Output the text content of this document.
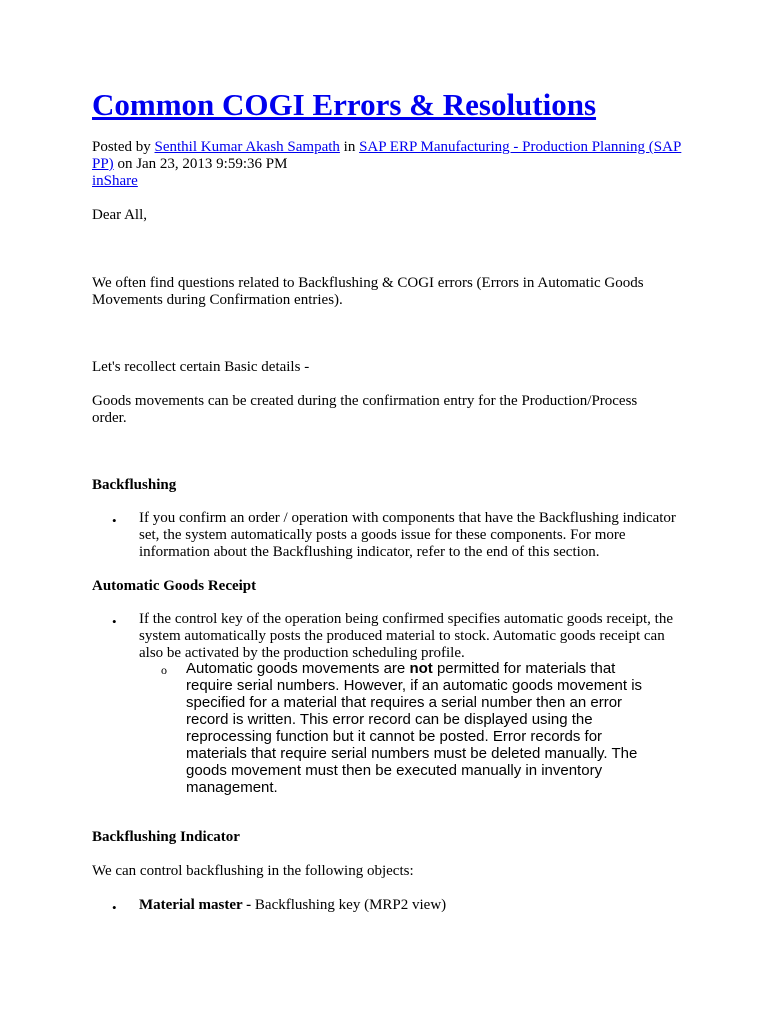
Common COGI Errors & Resolutions
Posted by Senthil Kumar Akash Sampath in SAP ERP Manufacturing - Production Planning (SAP PP) on Jan 23, 2013 9:59:36 PM
inShare

Dear All,

We often find questions related to Backflushing & COGI errors (Errors in Automatic Goods Movements during Confirmation entries).

Let's recollect certain Basic details -

Goods movements can be created during the confirmation entry for the Production/Process order.

Backflushing
• If you confirm an order / operation with components that have the Backflushing indicator set, the system automatically posts a goods issue for these components. For more information about the Backflushing indicator, refer to the end of this section.

Automatic Goods Receipt
• If the control key of the operation being confirmed specifies automatic goods receipt, the system automatically posts the produced material to stock. Automatic goods receipt can also be activated by the production scheduling profile.

o Automatic goods movements are not permitted for materials that require serial numbers. However, if an automatic goods movement is specified for a material that requires a serial number then an error record is written. This error record can be displayed using the reprocessing function but it cannot be posted. Error records for materials that require serial numbers must be deleted manually. The goods movement must then be executed manually in inventory management.

Backflushing Indicator

We can control backflushing in the following objects:

• Material master - Backflushing key (MRP2 view)
